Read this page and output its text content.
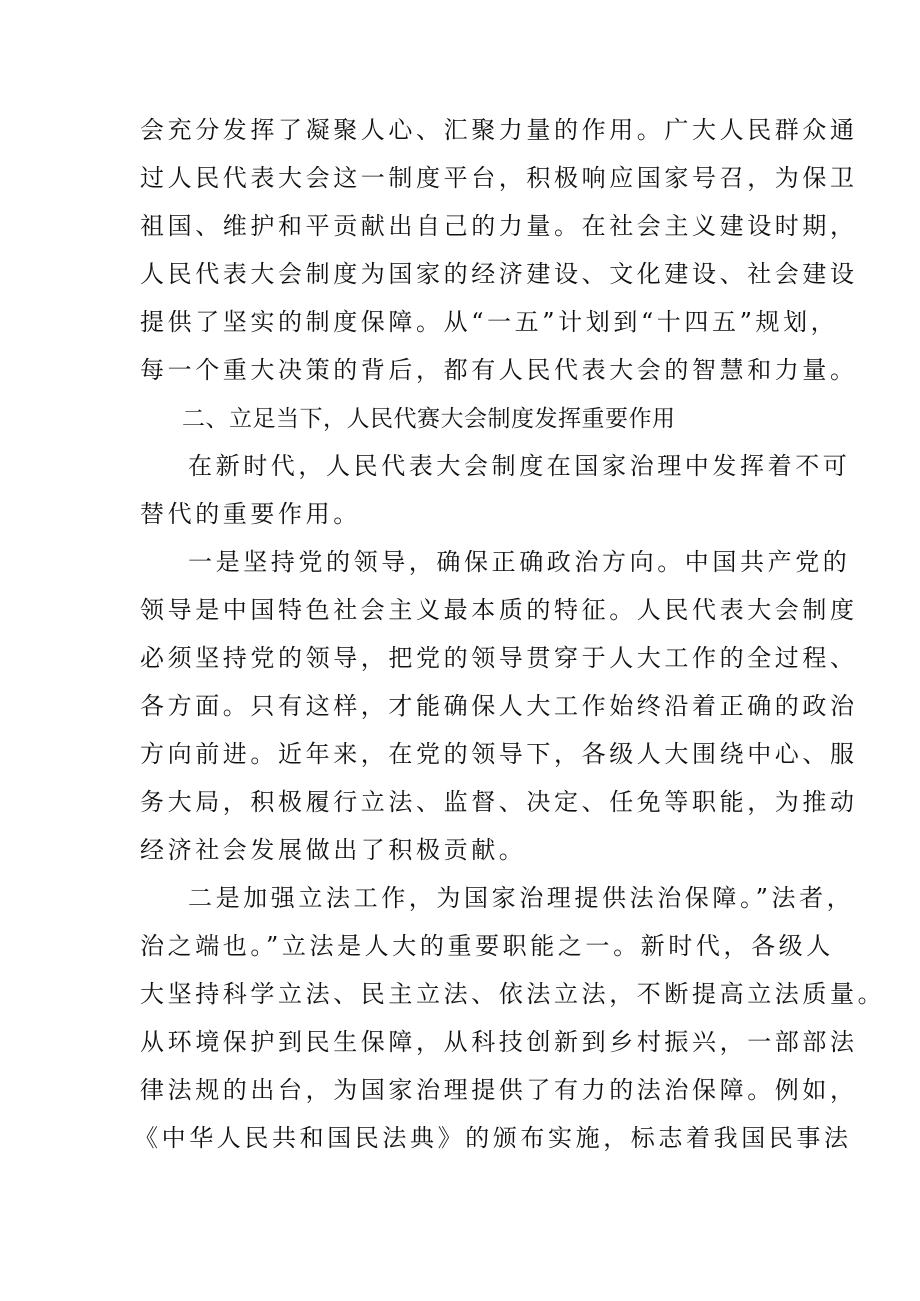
会充分发挥了凝聚人心、汇聚力量的作用。广大人民群众通
过人民代表大会这一制度平台，积极响应国家号召，为保卫
祖国、维护和平贡献出自己的力量。在社会主义建设时期，
人民代表大会制度为国家的经济建设、文化建设、社会建设
提供了坚实的制度保障。从“一五”计划到“十四五”规划，
每一个重大决策的背后，都有人民代表大会的智慧和力量。
二、立足当下，人民代赛大会制度发挥重要作用
在新时代，人民代表大会制度在国家治理中发挥着不可
替代的重要作用。
一是坚持党的领导，确保正确政治方向。中国共产党的
领导是中国特色社会主义最本质的特征。人民代表大会制度
必须坚持党的领导，把党的领导贯穿于人大工作的全过程、
各方面。只有这样，才能确保人大工作始终沿着正确的政治
方向前进。近年来，在党的领导下，各级人大围绕中心、服
务大局，积极履行立法、监督、决定、任免等职能，为推动
经济社会发展做出了积极贡献。
二是加强立法工作，为国家治理提供法治保障。”法者，
治之端也。”立法是人大的重要职能之一。新时代，各级人
大坚持科学立法、民主立法、依法立法，不断提高立法质量。
从环境保护到民生保障，从科技创新到乡村振兴，一部部法
律法规的出台，为国家治理提供了有力的法治保障。例如，
《中华人民共和国民法典》的颁布实施，标志着我国民事法
